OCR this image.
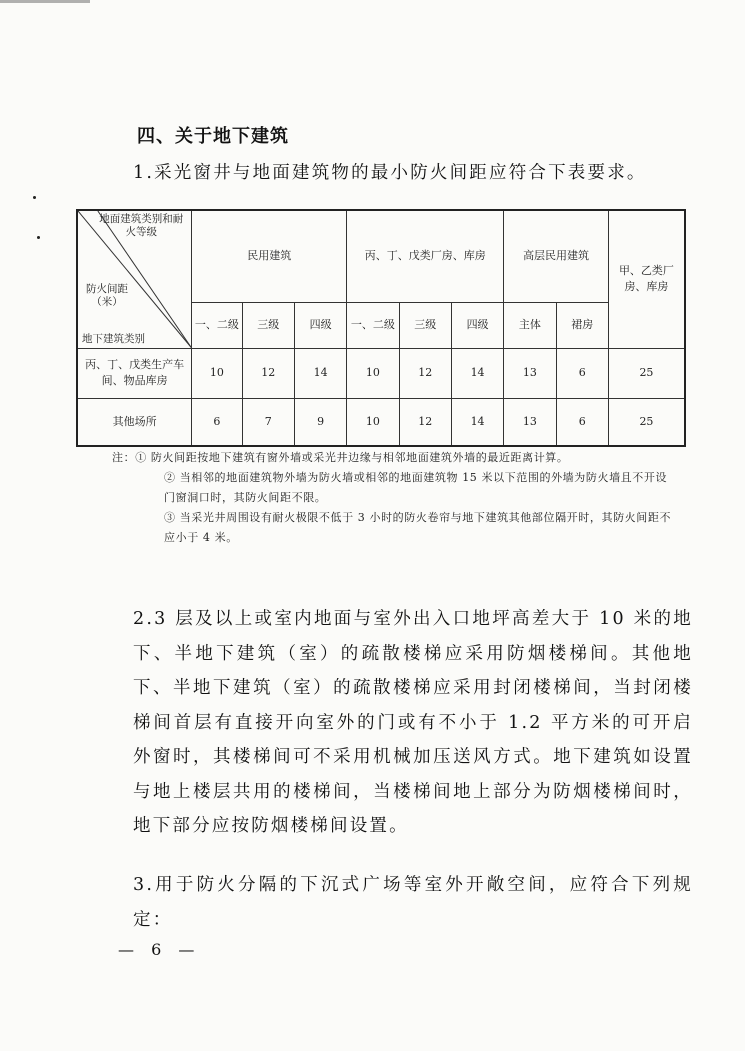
四、关于地下建筑

1.采光窗井与地面建筑物的最小防火间距应符合下表要求。

地面建筑类别和耐火等级
防火间距（米）
地下建筑类别	民用建筑			丙、丁、戊类厂房、库房			高层民用建筑		甲、乙类厂房、库房
	一、二级	三级	四级	一、二级	三级	四级	主体	裙房	
丙、丁、戊类生产车间、物品库房	10	12	14	10	12	14	13	6	25
其他场所	6	7	9	10	12	14	13	6	25

注：① 防火间距按地下建筑有窗外墙或采光井边缘与相邻地面建筑外墙的最近距离计算。

② 当相邻的地面建筑物外墙为防火墙或相邻的地面建筑物 15 米以下范围的外墙为防火墙且不开设门窗洞口时，其防火间距不限。

③ 当采光井周围设有耐火极限不低于 3 小时的防火卷帘与地下建筑其他部位隔开时，其防火间距不应小于 4 米。

2.3 层及以上或室内地面与室外出入口地坪高差大于 10 米的地下、半地下建筑（室）的疏散楼梯应采用防烟楼梯间。其他地下、半地下建筑（室）的疏散楼梯应采用封闭楼梯间，当封闭楼梯间首层有直接开向室外的门或有不小于 1.2 平方米的可开启外窗时，其楼梯间可不采用机械加压送风方式。地下建筑如设置与地上楼层共用的楼梯间，当楼梯间地上部分为防烟楼梯间时，地下部分应按防烟楼梯间设置。

3.用于防火分隔的下沉式广场等室外开敞空间，应符合下列规定：

— 6 —
